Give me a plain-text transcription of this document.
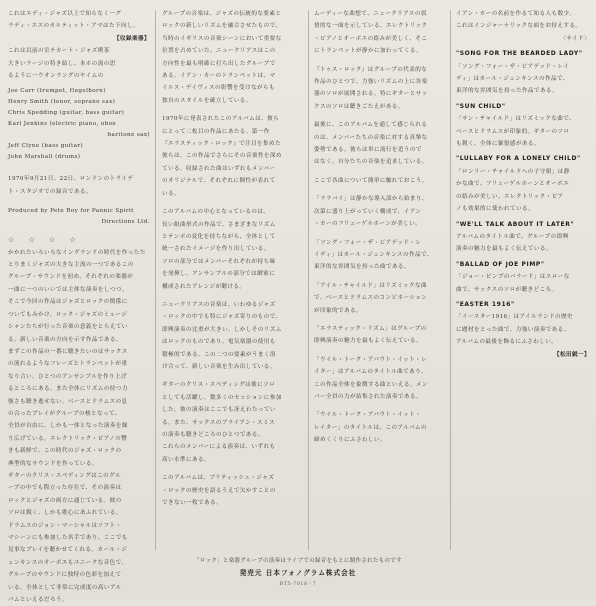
これはエディ・ジャズ以上で知らなく一グ
ラディ・エスのカルティット・アマはた下向し。
【収録楽器】
これは以前の室テカート・ジャズ喫茶
大きいラージの特き結し、本ホの流の思
るように一ウオンラングのヤイムの
Joe Carr (trumpet, flugelhorn)
Henry Smith (tenor, soprano sax)
Chris Spedding (guitar, bass guitar)
Karl Jenkins (electric piano, oboe
baritone sax)
Jeff Clyne (bass guitar)
John Marshall (drums)
1970年9月21日、22日、ロンドンのトライデ
ト・スタジオでの録音である。
Produced by Pete Roy for Pannic Spirit
Directions Ltd.
☆ ☆ ☆ ☆
かかれたいろいろなイングランドの時代を作ったた
とりまくジャズの大きな主流の一つであるこの
グループ・サウンドを初め、それぞれの楽器が
一曲に一つのいいでは主体な演奏をしつつ。
そこで今回の作品はジャズとロックの関係に
ついてもみかけ、ロック・ジャズのミュージ
シャンたちが行った音楽の意義をとらえてい
る。新しい音楽の方向を示す作品である。
まずこの作品の一番に聴きたいのはサックス
の流れるようなフレーズとトランペットが重
なり合い、ひとつのアンサンブルを作り上げ
るところにある。また全体にリズムの持つ力
強さも聴き逃せない。ベースとドラムスの息
の合ったプレイがグループの核となって、
全員が自由に、しかも一体となった演奏を繰
り広げている。エレクトリック・ピアノの響
きも新鮮で、この時代のジャズ・ロックの
典型的なサウンドを作っている。
ギターのクリス・スペディングはこのグル
ープの中でも際立った存在で、その演奏は
ロックとジャズの両方に通じている。彼の
ソロは鋭く、しかも歌心にあふれている。
ドラムスのジョン・マーシャルはソフト・
マシーンにも参加した名手であり、ここでも
見事なプレイを聴かせてくれる。カール・ジ
ェンキンスのオーボエもユニークな音色で、
グループのサウンドに独特の色彩を加えて
いる。全体として非常に完成度の高いアル
バムといえるだろう。
グループの音楽は、ジャズの伝統的な要素と
ロックの新しいリズムを融合させたもので、
当時のイギリスの音楽シーンにおいて重要な
位置を占めていた。ニュークリアスはこの
方向性を最も明確に打ち出したグループで
ある。イアン・カーのトランペットは、マ
イルス・デイヴィスの影響を受けながらも
独自のスタイルを確立している。
1970年に発表されたこのアルバムは、彼ら
にとって二枚目の作品にあたる。第一作
『エラスティック・ロック』で注目を集めた
彼らは、この作品でさらにその音楽性を深め
ている。収録された曲はいずれもメンバー
のオリジナルで、それぞれに個性が表れて
いる。
このアルバムの中心となっているのは、
長い組曲形式の作品で、さまざまなリズム
とテンポの変化を持ちながら、全体として
統一されたイメージを作り出している。
ソロの部分ではメンバーそれぞれが持ち味
を発揮し、アンサンブルの部分では緻密に
構成されたアレンジが聴ける。
ニュークリアスの音楽は、いわゆるジャズ
・ロックの中でも特にジャズ寄りのもので、
即興演奏の比重が大きい。しかしそのリズム
はロックのものであり、電気楽器の使用も
積極的である。この二つの要素がうまく溶
け合って、新しい音楽を生み出している。
ギターのクリス・スペディングは後にソロ
としても活躍し、数多くのセッションに参加
した。彼の演奏はここでも冴えわたってい
る。また、サックスのブライアン・スミス
の演奏も聴きどころのひとつである。
これらのメンバーによる演奏は、いずれも
高い水準にある。
このアルバムは、ブリティッシュ・ジャズ
・ロックの歴史を語るうえで欠かすことの
できない一枚である。
ムーディーな曲想で、ニュークリアスの叙
情的な一面を示している。エレクトリック
・ピアノとオーボエの絡みが美しく、そこ
にトランペットが静かに加わってくる。
『トゥス・ロック』はグループの代表的な
作品のひとつで、力強いリズムの上に各楽
器のソロが展開される。特にギターとサッ
クスのソロは聴きごたえがある。
最後に、このアルバムを通して感じられる
のは、メンバーたちの音楽に対する真摯な
姿勢である。彼らは単に流行を追うので
はなく、自分たちの音楽を追求している。
ここで各曲について簡単に触れておこう。
「ララバイ」は静かな導入部から始まり、
次第に盛り上がっていく構成で、イアン
・カーのフリューゲルホーンが美しい。
「ソング・フォー・ザ・ビアデッド・レ
イディ」はカール・ジェンキンスの作品で、
東洋的な雰囲気を持った曲である。
「アイル・チャイルド」はリズミックな曲
で、ベースとドラムスのコンビネーション
が印象的である。
「エラスティック・リズム」はグループの
即興演奏の魅力を最もよく伝えている。
「ウイル・トーク・アバウト・イット・レ
イター」はアルバムのタイトル曲であり、
この作品全体を象徴する曲といえる。メン
バー全員の力が結集された演奏である。
「ウイル・トーク・アバウト・イット・
レイター」のタイトルは、このアルバムの
締めくくりにふさわしい。
イアン・カーの名前を作るて知る人も数少。
これはインジャーナリックな面をお持えする。
〈サイド〉
"SONG FOR THE BEARDED LADY"
「ソング・フォー・ザ・ビアデッド・レイ
ディ」はカール・ジェンキンスの作品で、
東洋的な雰囲気を持った作品である。
"SUN CHILD"
「サン・チャイルド」はリズミックな曲で、
ベースとドラムスが印象的。ギターのソロ
も鋭く、全体に緊張感がある。
"LULLABY FOR A LONELY CHILD"
「ロンリー・チャイルドへの子守唄」は静
かな曲で、フリューゲルホーンとオーボエ
の絡みが美しい。エレクトリック・ピア
ノも効果的に使われている。
"WE'LL TALK ABOUT IT LATER"
アルバムのタイトル曲で、グループの即興
演奏の魅力を最もよく伝えている。
"BALLAD OF JOE PIMP"
「ジョー・ピンプのバラード」はスローな
曲で、サックスのソロが聴きどころ。
"EASTER 1916"
「イースター1916」はアイルランドの歴史
に題材をとった曲で、力強い演奏である。
アルバムの最後を飾るにふさわしい。
【松田鋭一】
「ロック」と楽器グループの演奏はライブでの録音をもとに制作されたものです
発売元 日本フォノグラム株式会社
BT5-7018・7
